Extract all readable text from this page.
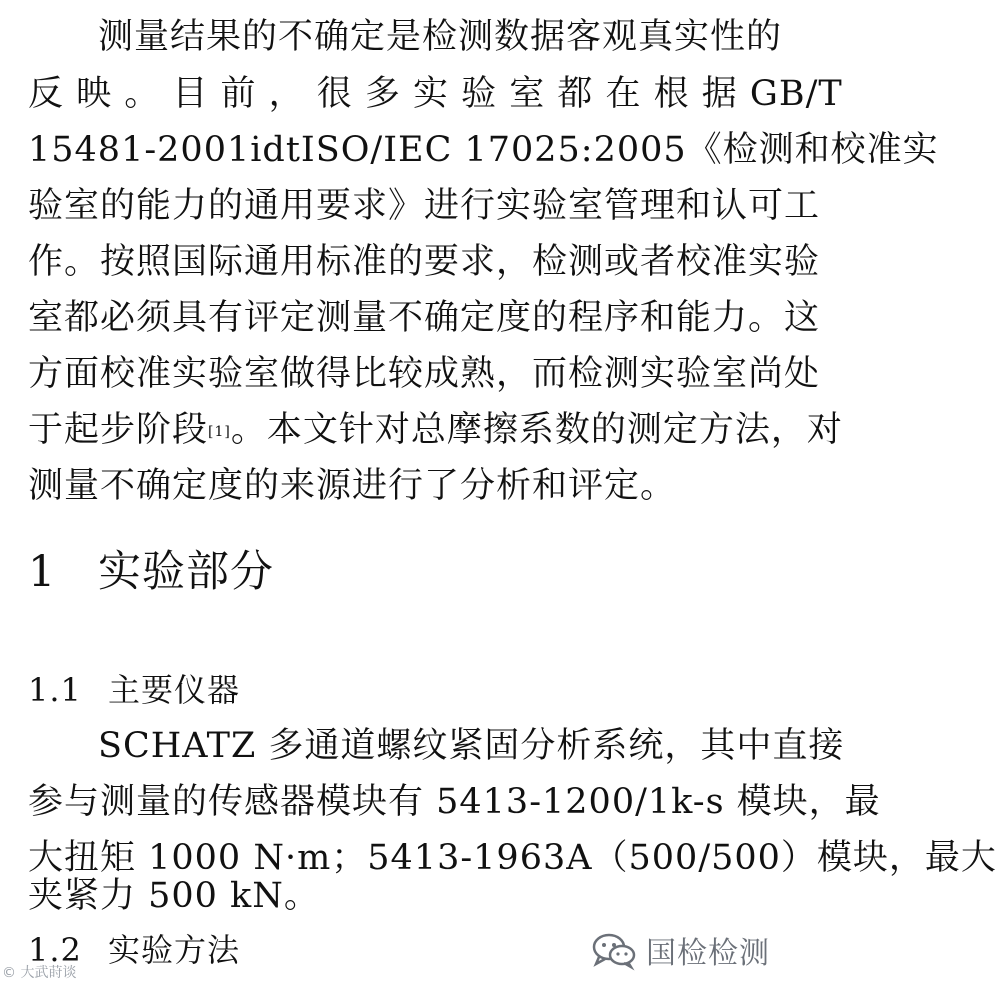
测量结果的不确定是检测数据客观真实性的
反 映 。 目 前 ， 很 多 实 验 室 都 在 根 据 GB/T
15481-2001idtISO/IEC 17025:2005《检测和校准实
验室的能力的通用要求》进行实验室管理和认可工
作。按照国际通用标准的要求，检测或者校准实验
室都必须具有评定测量不确定度的程序和能力。这
方面校准实验室做得比较成熟，而检测实验室尚处
于起步阶段[1]。本文针对总摩擦系数的测定方法，对
测量不确定度的来源进行了分析和评定。
1 实验部分
1.1 主要仪器
SCHATZ 多通道螺纹紧固分析系统，其中直接
参与测量的传感器模块有 5413-1200/1k-s 模块，最
大扭矩 1000 N·m；5413-1963A（500/500）模块，最大
夹紧力 500 kN。
1.2 实验方法	国检检测
© 大武莳谈
